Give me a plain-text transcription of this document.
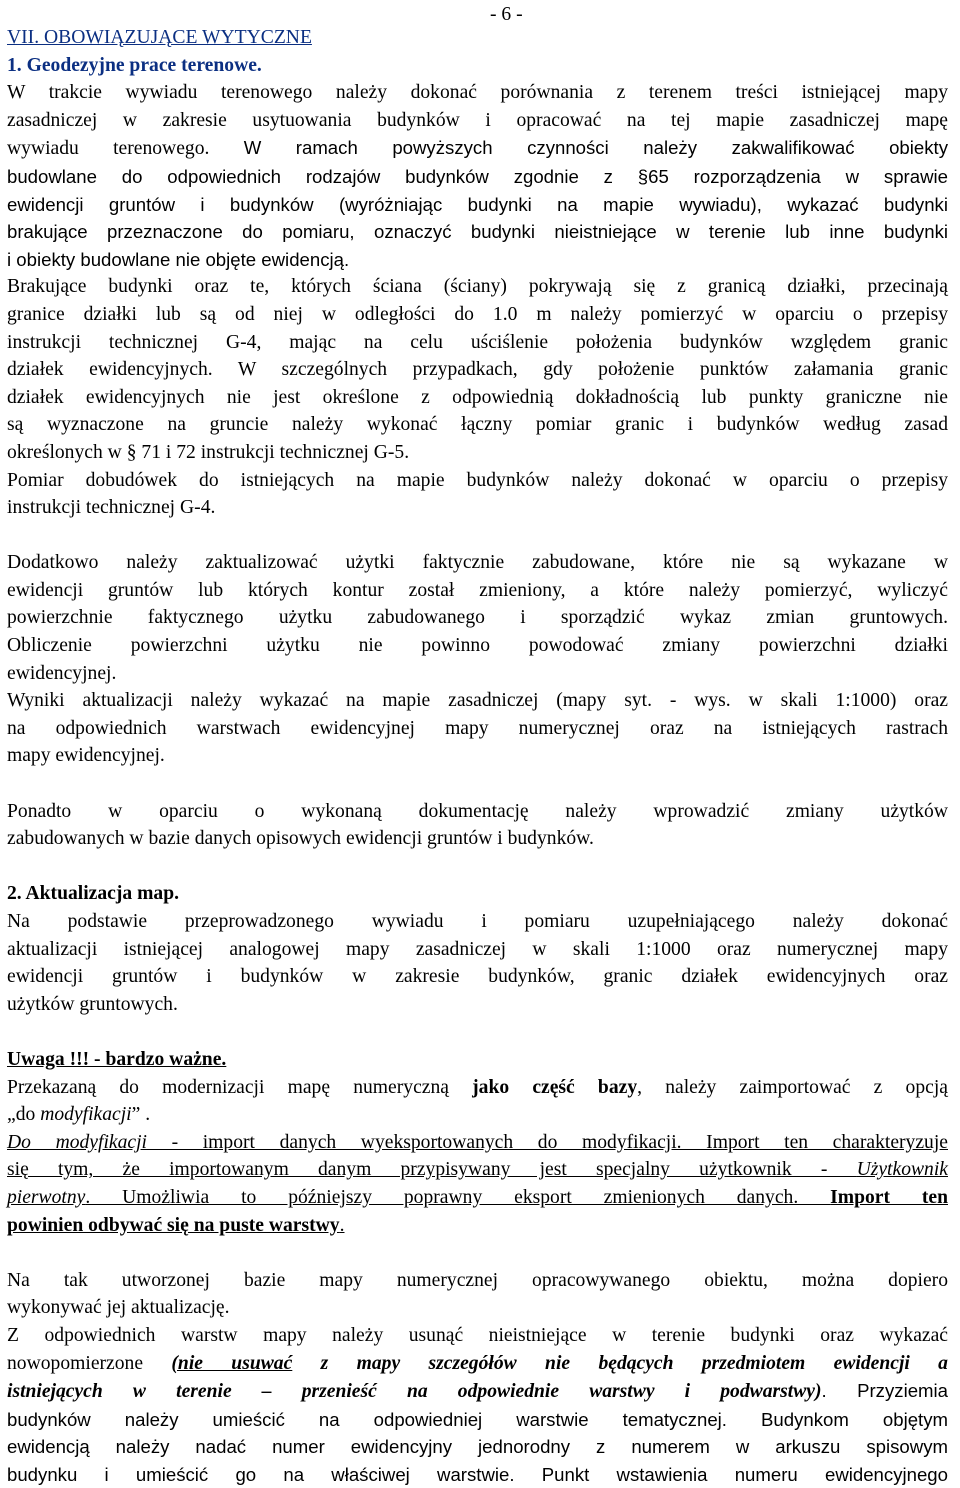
- 6 -
VII. OBOWIĄZUJĄCE WYTYCZNE
1. Geodezyjne prace terenowe.
W trakcie wywiadu terenowego należy dokonać porównania z terenem treści istniejącej mapy
zasadniczej w zakresie usytuowania budynków i opracować na tej mapie zasadniczej mapę
wywiadu terenowego. W ramach powyższych czynności należy zakwalifikować obiekty
budowlane do odpowiednich rodzajów budynków zgodnie z §65 rozporządzenia w sprawie
ewidencji gruntów i budynków (wyróżniając budynki na mapie wywiadu), wykazać budynki
brakujące przeznaczone do pomiaru, oznaczyć budynki nieistniejące w terenie lub inne budynki
i obiekty budowlane nie objęte ewidencją.
Brakujące budynki oraz te, których ściana (ściany) pokrywają się z granicą działki, przecinają
granice działki lub są od niej w odległości do 1.0 m należy pomierzyć w oparciu o przepisy
instrukcji technicznej G-4, mając na celu uściślenie położenia budynków względem granic
działek ewidencyjnych. W szczególnych przypadkach, gdy położenie punktów załamania granic
działek ewidencyjnych nie jest określone z odpowiednią dokładnością lub punkty graniczne nie
są wyznaczone na gruncie należy wykonać łączny pomiar granic i budynków według zasad
określonych w § 71 i 72 instrukcji technicznej G-5.
Pomiar dobudówek do istniejących na mapie budynków należy dokonać w oparciu o przepisy
instrukcji technicznej G-4.
Dodatkowo należy zaktualizować użytki faktycznie zabudowane, które nie są wykazane w
ewidencji gruntów lub których kontur został zmieniony, a które należy pomierzyć, wyliczyć
powierzchnie faktycznego użytku zabudowanego i sporządzić wykaz zmian gruntowych.
Obliczenie powierzchni użytku nie powinno powodować zmiany powierzchni działki
ewidencyjnej.
Wyniki aktualizacji należy wykazać na mapie zasadniczej (mapy syt. - wys. w skali 1:1000) oraz
na odpowiednich warstwach ewidencyjnej mapy numerycznej oraz na istniejących rastrach
mapy ewidencyjnej.
Ponadto w oparciu o wykonaną dokumentację należy wprowadzić zmiany użytków
zabudowanych w bazie danych opisowych ewidencji gruntów i budynków.
2. Aktualizacja map.
Na podstawie przeprowadzonego wywiadu i pomiaru uzupełniającego należy dokonać
aktualizacji istniejącej analogowej mapy zasadniczej w skali 1:1000 oraz numerycznej mapy
ewidencji gruntów i budynków w zakresie budynków, granic działek ewidencyjnych oraz
użytków gruntowych.
Uwaga !!! - bardzo ważne.
Przekazaną do modernizacji mapę numeryczną jako część bazy, należy zaimportować z opcją
„do modyfikacji” .
Do modyfikacji - import danych wyeksportowanych do modyfikacji. Import ten charakteryzuje
się tym, że importowanym danym przypisywany jest specjalny użytkownik - Użytkownik
pierwotny. Umożliwia to późniejszy poprawny eksport zmienionych danych. Import ten
powinien odbywać się na puste warstwy.
Na tak utworzonej bazie mapy numerycznej opracowywanego obiektu, można dopiero
wykonywać jej aktualizację.
Z odpowiednich warstw mapy należy usunąć nieistniejące w terenie budynki oraz wykazać
nowopomierzone (nie usuwać z mapy szczegółów nie będących przedmiotem ewidencji a
istniejących w terenie – przenieść na odpowiednie warstwy i podwarstwy). Przyziemia
budynków należy umieścić na odpowiedniej warstwie tematycznej. Budynkom objętym
ewidencją należy nadać numer ewidencyjny jednorodny z numerem w arkuszu spisowym
budynku i umieścić go na właściwej warstwie. Punkt wstawienia numeru ewidencyjnego
